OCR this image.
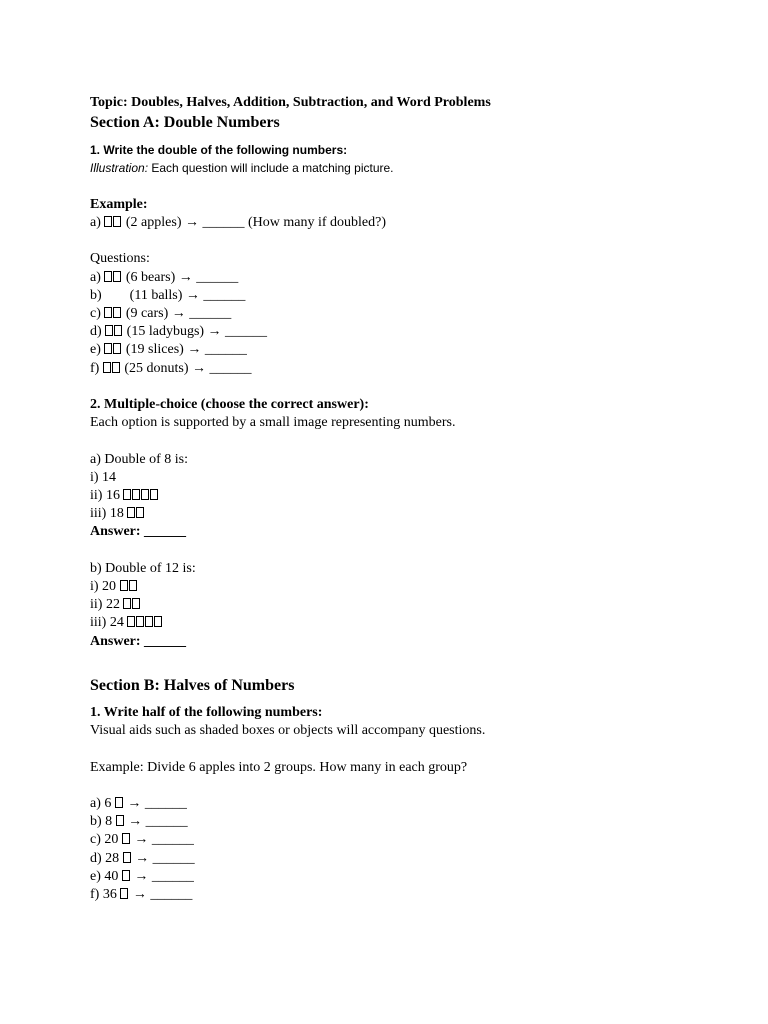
Topic: Doubles, Halves, Addition, Subtraction, and Word Problems
Section A: Double Numbers
1. Write the double of the following numbers:
Illustration: Each question will include a matching picture.
Example:
a)  (2 apples) → ______ (How many if doubled?)
Questions:
a)  (6 bears) → ______
b)        (11 balls) → ______
c)  (9 cars) → ______
d)  (15 ladybugs) → ______
e)  (19 slices) → ______
f)  (25 donuts) → ______
2. Multiple-choice (choose the correct answer):
Each option is supported by a small image representing numbers.
a) Double of 8 is:
i) 14
ii) 16
iii) 18
Answer: ______
b) Double of 12 is:
i) 20
ii) 22
iii) 24
Answer: ______
Section B: Halves of Numbers
1. Write half of the following numbers:
Visual aids such as shaded boxes or objects will accompany questions.
Example: Divide 6 apples into 2 groups. How many in each group?
a) 6  → ______
b) 8  → ______
c) 20  → ______
d) 28  → ______
e) 40  → ______
f) 36  → ______
